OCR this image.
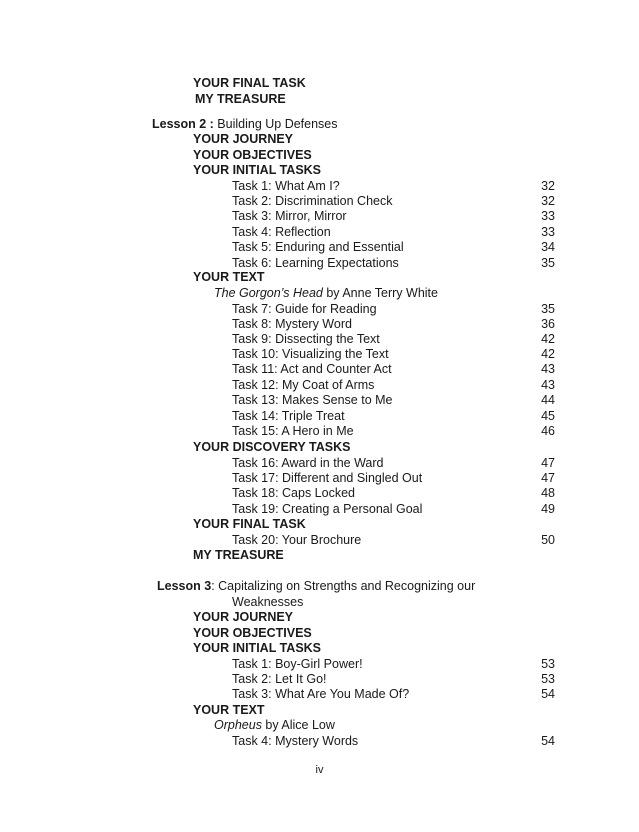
YOUR FINAL TASK
MY TREASURE
Lesson 2 : Building Up Defenses
YOUR JOURNEY
YOUR OBJECTIVES
YOUR INITIAL TASKS
Task 1: What Am I?	32
Task 2: Discrimination Check	32
Task 3: Mirror, Mirror	33
Task 4: Reflection	33
Task 5: Enduring and Essential	34
Task 6: Learning Expectations	35
YOUR TEXT
The Gorgon’s Head by Anne Terry White
Task 7: Guide for Reading	35
Task 8: Mystery Word	36
Task 9: Dissecting the Text	42
Task 10: Visualizing the Text	42
Task 11: Act and Counter Act	43
Task 12: My Coat of Arms	43
Task 13: Makes Sense to Me	44
Task 14: Triple Treat	45
Task 15: A Hero in Me	46
YOUR DISCOVERY TASKS
Task 16: Award in the Ward	47
Task 17: Different and Singled Out	47
Task 18: Caps Locked	48
Task 19: Creating a Personal Goal	49
YOUR FINAL TASK
Task 20: Your Brochure	50
MY TREASURE
Lesson 3: Capitalizing on Strengths and Recognizing our
Weaknesses
YOUR JOURNEY
YOUR OBJECTIVES
YOUR INITIAL TASKS
Task 1: Boy-Girl Power!	53
Task 2: Let It Go!	53
Task 3: What Are You Made Of?	54
YOUR TEXT
Orpheus by Alice Low
Task 4: Mystery Words	54
iv
